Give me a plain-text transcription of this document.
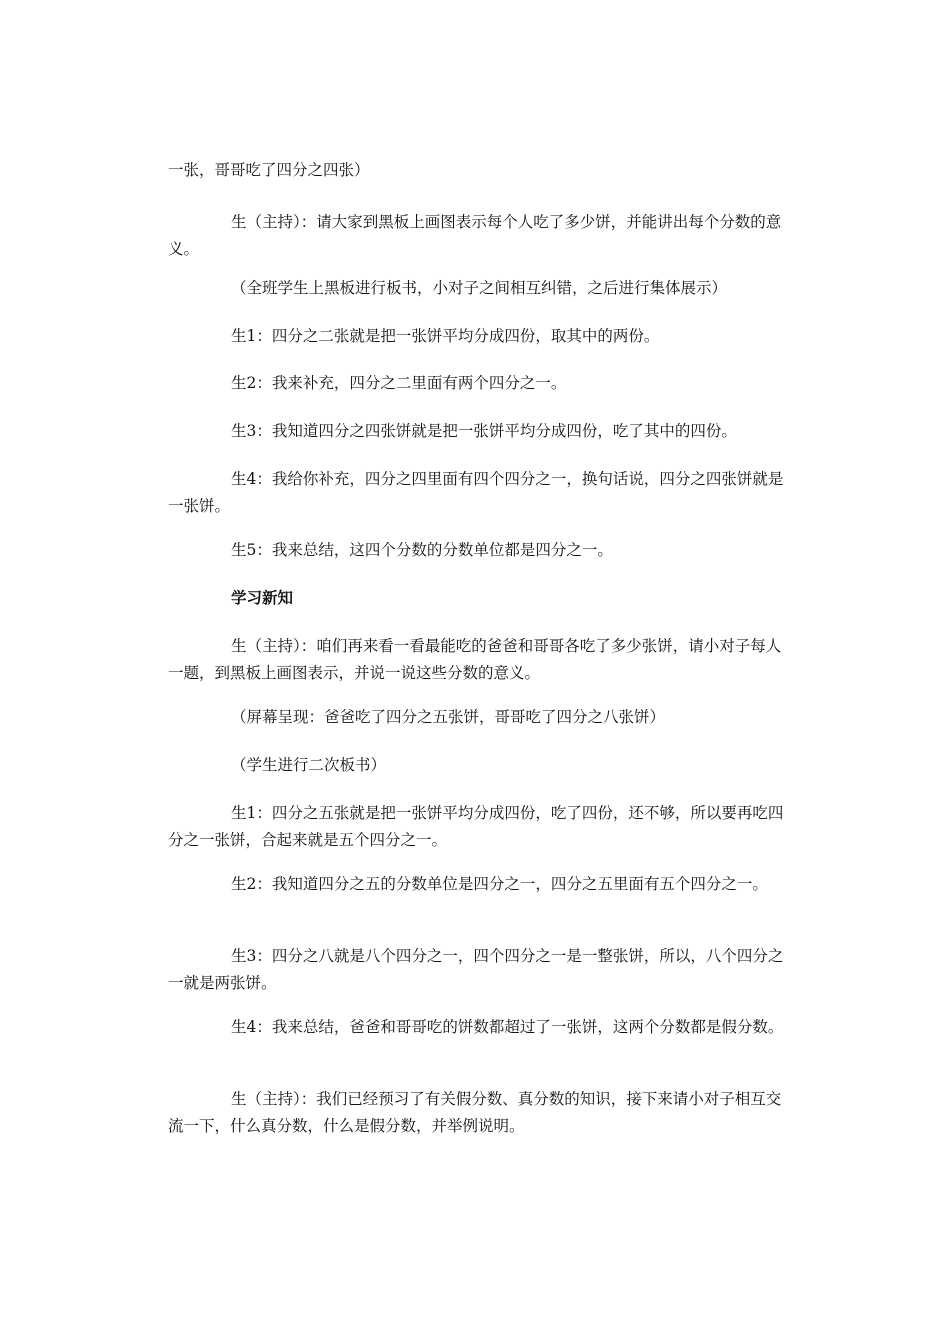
一张，哥哥吃了四分之四张）

生（主持）：请大家到黑板上画图表示每个人吃了多少饼，并能讲出每个分数的意义。

（全班学生上黑板进行板书，小对子之间相互纠错，之后进行集体展示）

生1：四分之二张就是把一张饼平均分成四份，取其中的两份。

生2：我来补充，四分之二里面有两个四分之一。

生3：我知道四分之四张饼就是把一张饼平均分成四份，吃了其中的四份。

生4：我给你补充，四分之四里面有四个四分之一，换句话说，四分之四张饼就是一张饼。

生5：我来总结，这四个分数的分数单位都是四分之一。

学习新知

生（主持）：咱们再来看一看最能吃的爸爸和哥哥各吃了多少张饼，请小对子每人一题，到黑板上画图表示，并说一说这些分数的意义。

（屏幕呈现：爸爸吃了四分之五张饼，哥哥吃了四分之八张饼）

（学生进行二次板书）

生1：四分之五张就是把一张饼平均分成四份，吃了四份，还不够，所以要再吃四分之一张饼，合起来就是五个四分之一。

生2：我知道四分之五的分数单位是四分之一，四分之五里面有五个四分之一。

生3：四分之八就是八个四分之一，四个四分之一是一整张饼，所以，八个四分之一就是两张饼。

生4：我来总结，爸爸和哥哥吃的饼数都超过了一张饼，这两个分数都是假分数。

生（主持）：我们已经预习了有关假分数、真分数的知识，接下来请小对子相互交流一下，什么真分数，什么是假分数，并举例说明。
